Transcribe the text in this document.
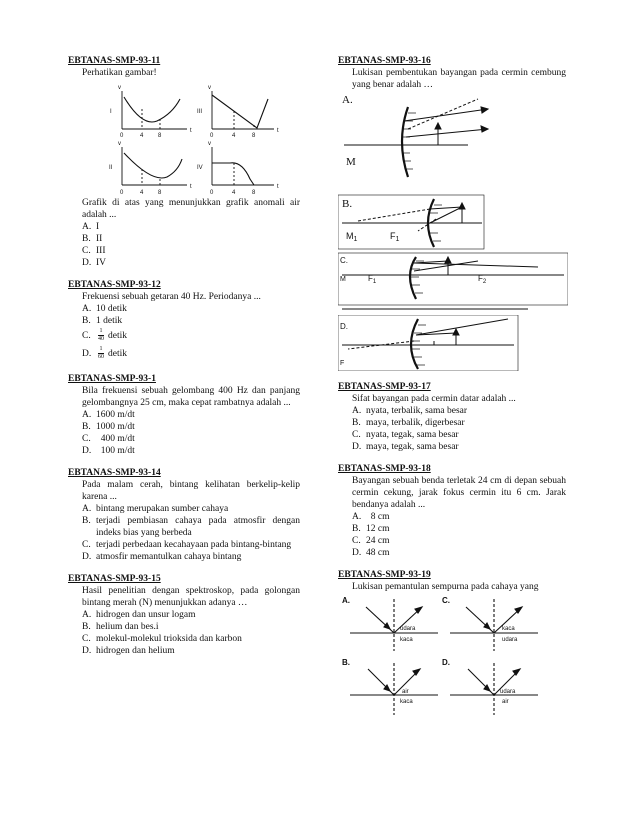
EBTANAS-SMP-93-11
Perhatikan gambar!
v
t
0	4 8
I
v
t
0	4	8
III
v
t
0	4 8
II
v
t
0	4	8
IV
Grafik di atas yang menunjukkan grafik anomali air adalah ...
A. I
B. II
C. III
D. IV
EBTANAS-SMP-93-12
Frekuensi sebuah getaran 40 Hz. Periodanya ...
A. 10 detik
B. 1 detik
C.	$\frac{1}{40}$ detik
D.	$\frac{1}{60}$ detik
EBTANAS-SMP-93-1
Bila frekuensi sebuah gelombang 400 Hz dan panjang gelombangnya 25 cm, maka cepat rambatnya adalah ...
A. 1600 m/dt
B. 1000 m/dt
C. 400 m/dt
D. 100 m/dt
EBTANAS-SMP-93-14
Pada malam cerah, bintang kelihatan berkelip-kelip karena ...
A. bintang merupakan sumber cahaya
B. terjadi pembiasan cahaya pada atmosfir dengan indeks bias yang berbeda
C. terjadi perbedaan kecahayaan pada bintang-bintang
D. atmosfir memantulkan cahaya bintang
EBTANAS-SMP-93-15
Hasil penelitian dengan spektroskop, pada golongan bintang merah (N) menunjukkan adanya …
A. hidrogen dan unsur logam
B. helium dan bes.i
C. molekul-molekul trioksida dan karbon
D. hidrogen dan helium
EBTANAS-SMP-93-16
Lukisan pembentukan bayangan pada cermin cembung yang benar adalah …
A.
M
B.
$M_1$	$F_1$
C.
M	$F_1$	$F_2$
D.
F
EBTANAS-SMP-93-17
Sifat bayangan pada cermin datar adalah ...
A. nyata, terbalik, sama besar
B. maya, terbalik, digerbesar
C. nyata, tegak, sama besar
D. maya, tegak, sama besar
EBTANAS-SMP-93-18
Bayangan sebuah benda terletak 24 cm di depan sebuah cermin cekung, jarak fokus cermin itu 6 cm. Jarak bendanya adalah ...
A. 8 cm
B. 12 cm
C. 24 cm
D. 48 cm
EBTANAS-SMP-93-19
Lukisan pemantulan sempurna pada cahaya yang
A.
udara
kaca
C.
kaca
udara
B.
air
kaca
D.
udara
air
